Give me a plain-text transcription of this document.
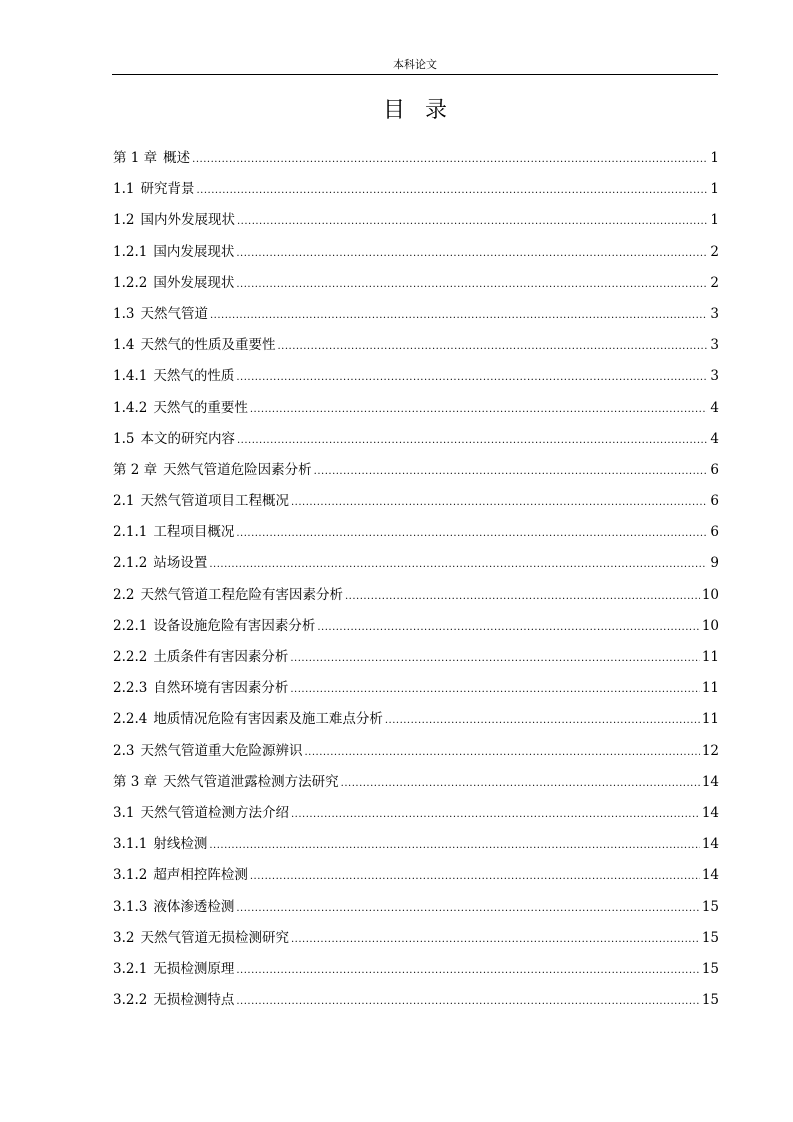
本科论文
目录
第 1 章 概述 .....	1
1.1 研究背景 .....	1
1.2 国内外发展现状 .....	1
1.2.1 国内发展现状 .....	2
1.2.2 国外发展现状 .....	2
1.3 天然气管道 .....	3
1.4 天然气的性质及重要性 .....	3
1.4.1 天然气的性质 .....	3
1.4.2 天然气的重要性 .....	4
1.5 本文的研究内容 .....	4
第 2 章 天然气管道危险因素分析 .....	6
2.1 天然气管道项目工程概况 .....	6
2.1.1 工程项目概况 .....	6
2.1.2 站场设置 .....	9
2.2 天然气管道工程危险有害因素分析 .....	10
2.2.1 设备设施危险有害因素分析 .....	10
2.2.2 土质条件有害因素分析 .....	11
2.2.3 自然环境有害因素分析 .....	11
2.2.4 地质情况危险有害因素及施工难点分析 .....	11
2.3 天然气管道重大危险源辨识 .....	12
第 3 章 天然气管道泄露检测方法研究 .....	14
3.1 天然气管道检测方法介绍 .....	14
3.1.1 射线检测 .....	14
3.1.2 超声相控阵检测 .....	14
3.1.3 液体渗透检测 .....	15
3.2 天然气管道无损检测研究 .....	15
3.2.1 无损检测原理 .....	15
3.2.2 无损检测特点 .....	15
